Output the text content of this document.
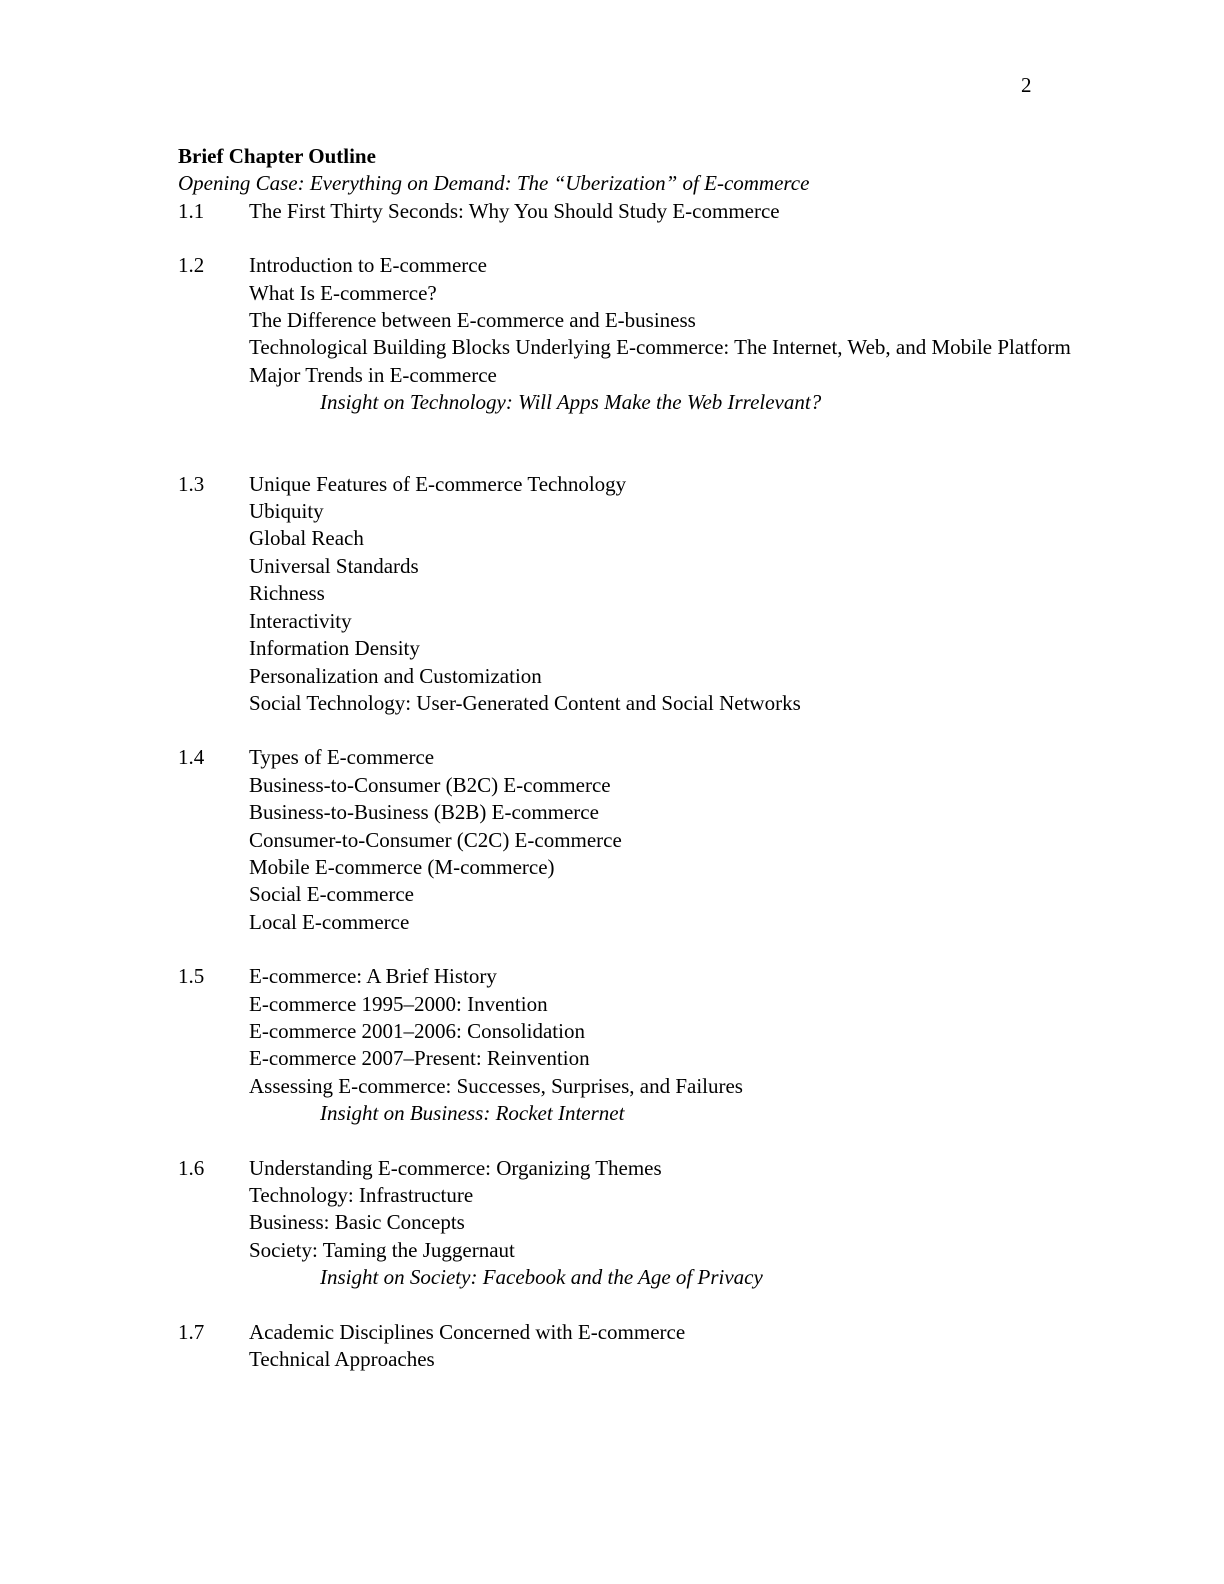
2
Brief Chapter Outline
Opening Case: Everything on Demand: The “Uberization” of E-commerce
1.1	The First Thirty Seconds: Why You Should Study E-commerce
1.2	Introduction to E-commerce
What Is E-commerce?
The Difference between E-commerce and E-business
Technological Building Blocks Underlying E-commerce: The Internet, Web, and Mobile Platform
Major Trends in E-commerce
Insight on Technology: Will Apps Make the Web Irrelevant?
1.3	Unique Features of E-commerce Technology
Ubiquity
Global Reach
Universal Standards
Richness
Interactivity
Information Density
Personalization and Customization
Social Technology: User-Generated Content and Social Networks
1.4	Types of E-commerce
Business-to-Consumer (B2C) E-commerce
Business-to-Business (B2B) E-commerce
Consumer-to-Consumer (C2C) E-commerce
Mobile E-commerce (M-commerce)
Social E-commerce
Local E-commerce
1.5	E-commerce: A Brief History
E-commerce 1995–2000: Invention
E-commerce 2001–2006: Consolidation
E-commerce 2007–Present: Reinvention
Assessing E-commerce: Successes, Surprises, and Failures
Insight on Business: Rocket Internet
1.6	Understanding E-commerce: Organizing Themes
Technology: Infrastructure
Business: Basic Concepts
Society: Taming the Juggernaut
Insight on Society: Facebook and the Age of Privacy
1.7	Academic Disciplines Concerned with E-commerce
Technical Approaches
